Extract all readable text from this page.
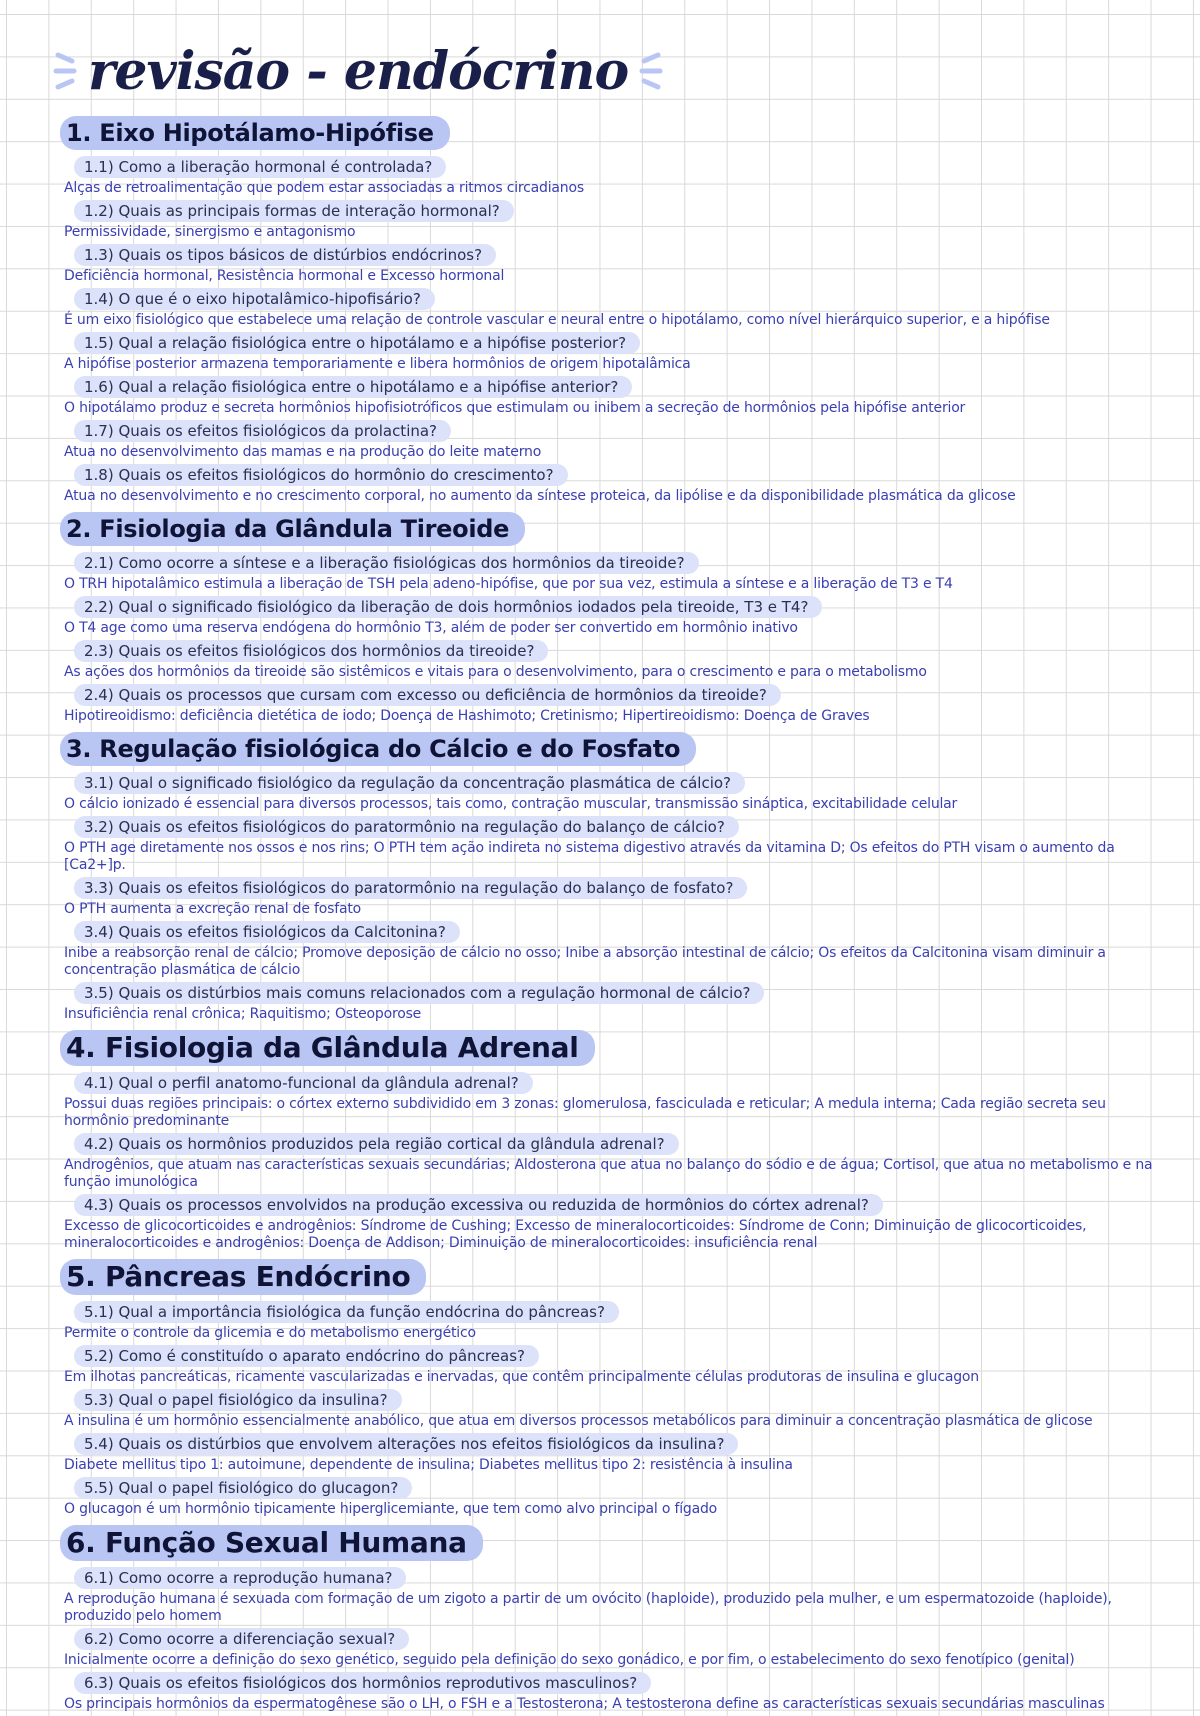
revisão - endócrino
1. Eixo Hipotálamo-Hipófise
1.1) Como a liberação hormonal é controlada?
Alças de retroalimentação que podem estar associadas a ritmos circadianos
1.2) Quais as principais formas de interação hormonal?
Permissividade, sinergismo e antagonismo
1.3) Quais os tipos básicos de distúrbios endócrinos?
Deficiência hormonal, Resistência hormonal e Excesso hormonal
1.4) O que é o eixo hipotalâmico-hipofisário?
É um eixo fisiológico que estabelece uma relação de controle vascular e neural entre o hipotálamo, como nível hierárquico superior, e a hipófise
1.5) Qual a relação fisiológica entre o hipotálamo e a hipófise posterior?
A hipófise posterior armazena temporariamente e libera hormônios de origem hipotalâmica
1.6) Qual a relação fisiológica entre o hipotálamo e a hipófise anterior?
O hipotálamo produz e secreta hormônios hipofisiotróficos que estimulam ou inibem a secreção de hormônios pela hipófise anterior
1.7) Quais os efeitos fisiológicos da prolactina?
Atua no desenvolvimento das mamas e na produção do leite materno
1.8) Quais os efeitos fisiológicos do hormônio do crescimento?
Atua no desenvolvimento e no crescimento corporal, no aumento da síntese proteica, da lipólise e da disponibilidade plasmática da glicose
2. Fisiologia da Glândula Tireoide
2.1) Como ocorre a síntese e a liberação fisiológicas dos hormônios da tireoide?
O TRH hipotalâmico estimula a liberação de TSH pela adeno-hipófise, que por sua vez, estimula a síntese e a liberação de T3 e T4
2.2) Qual o significado fisiológico da liberação de dois hormônios iodados pela tireoide, T3 e T4?
O T4 age como uma reserva endógena do hormônio T3, além de poder ser convertido em hormônio inativo
2.3) Quais os efeitos fisiológicos dos hormônios da tireoide?
As ações dos hormônios da tireoide são sistêmicos e vitais para o desenvolvimento, para o crescimento e para o metabolismo
2.4) Quais os processos que cursam com excesso ou deficiência de hormônios da tireoide?
Hipotireoidismo: deficiência dietética de iodo; Doença de Hashimoto; Cretinismo; Hipertireoidismo: Doença de Graves
3. Regulação fisiológica do Cálcio e do Fosfato
3.1) Qual o significado fisiológico da regulação da concentração plasmática de cálcio?
O cálcio ionizado é essencial para diversos processos, tais como, contração muscular, transmissão sináptica, excitabilidade celular
3.2) Quais os efeitos fisiológicos do paratormônio na regulação do balanço de cálcio?
O PTH age diretamente nos ossos e nos rins; O PTH tem ação indireta no sistema digestivo através da vitamina D; Os efeitos do PTH visam o aumento da [Ca2+]p.
3.3) Quais os efeitos fisiológicos do paratormônio na regulação do balanço de fosfato?
O PTH aumenta a excreção renal de fosfato
3.4) Quais os efeitos fisiológicos da Calcitonina?
Inibe a reabsorção renal de cálcio; Promove deposição de cálcio no osso; Inibe a absorção intestinal de cálcio; Os efeitos da Calcitonina visam diminuir a concentração plasmática de cálcio
3.5) Quais os distúrbios mais comuns relacionados com a regulação hormonal de cálcio?
Insuficiência renal crônica; Raquitismo; Osteoporose
4. Fisiologia da Glândula Adrenal
4.1) Qual o perfil anatomo-funcional da glândula adrenal?
Possui duas regiões principais: o córtex externo subdividido em 3 zonas: glomerulosa, fasciculada e reticular; A medula interna; Cada região secreta seu hormônio predominante
4.2) Quais os hormônios produzidos pela região cortical da glândula adrenal?
Androgênios, que atuam nas características sexuais secundárias; Aldosterona que atua no balanço do sódio e de água; Cortisol, que atua no metabolismo e na função imunológica
4.3) Quais os processos envolvidos na produção excessiva ou reduzida de hormônios do córtex adrenal?
Excesso de glicocorticoides e androgênios: Síndrome de Cushing; Excesso de mineralocorticoides: Síndrome de Conn; Diminuição de glicocorticoides, mineralocorticoides e androgênios: Doença de Addison; Diminuição de mineralocorticoides: insuficiência renal
5. Pâncreas Endócrino
5.1) Qual a importância fisiológica da função endócrina do pâncreas?
Permite o controle da glicemia e do metabolismo energético
5.2) Como é constituído o aparato endócrino do pâncreas?
Em ilhotas pancreáticas, ricamente vascularizadas e inervadas, que contêm principalmente células produtoras de insulina e glucagon
5.3) Qual o papel fisiológico da insulina?
A insulina é um hormônio essencialmente anabólico, que atua em diversos processos metabólicos para diminuir a concentração plasmática de glicose
5.4) Quais os distúrbios que envolvem alterações nos efeitos fisiológicos da insulina?
Diabete mellitus tipo 1: autoimune, dependente de insulina; Diabetes mellitus tipo 2: resistência à insulina
5.5) Qual o papel fisiológico do glucagon?
O glucagon é um hormônio tipicamente hiperglicemiante, que tem como alvo principal o fígado
6. Função Sexual Humana
6.1) Como ocorre a reprodução humana?
A reprodução humana é sexuada com formação de um zigoto a partir de um ovócito (haploide), produzido pela mulher, e um espermatozoide (haploide), produzido pelo homem
6.2) Como ocorre a diferenciação sexual?
Inicialmente ocorre a definição do sexo genético, seguido pela definição do sexo gonádico, e por fim, o estabelecimento do sexo fenotípico (genital)
6.3) Quais os efeitos fisiológicos dos hormônios reprodutivos masculinos?
Os principais hormônios da espermatogênese são o LH, o FSH e a Testosterona; A testosterona define as características sexuais secundárias masculinas
